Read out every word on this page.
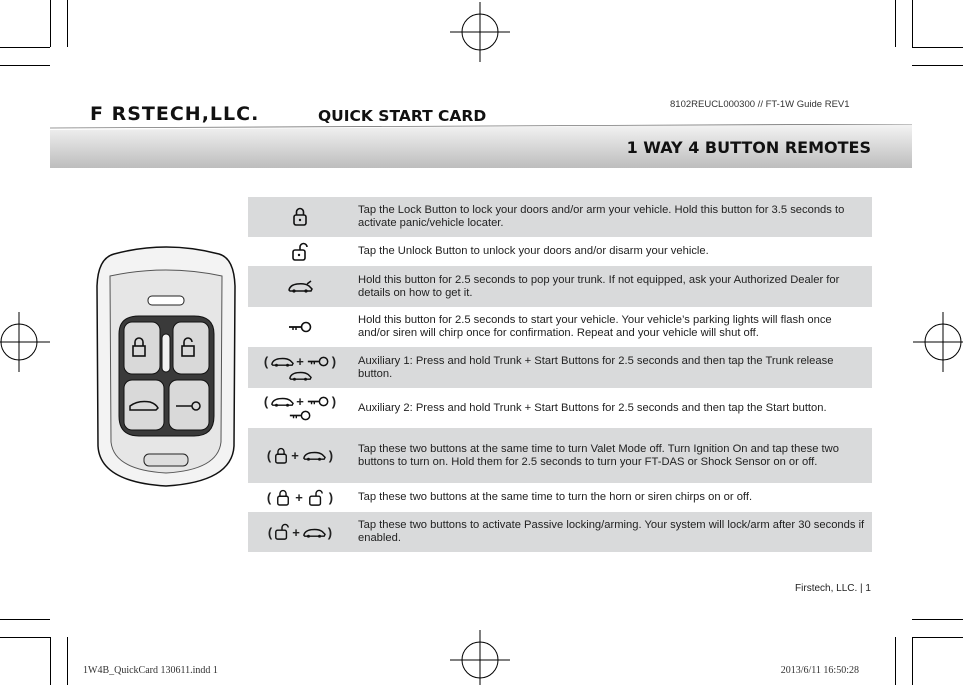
F RSTECH,LLC.	QUICK START CARD
8102REUCL000300 // FT-1W Guide REV1
1 WAY 4 BUTTON REMOTES
Tap the Lock Button to lock your doors and/or arm your vehicle. Hold this button for 3.5 seconds to activate panic/vehicle locater.
Tap the Unlock Button to unlock your doors and/or disarm your vehicle.
Hold this button for 2.5 seconds to pop your trunk. If not equipped, ask your Authorized Dealer for details on how to get it.
Hold this button for 2.5 seconds to start your vehicle. Your vehicle’s parking lights will flash once and/or siren will chirp once for confirmation. Repeat and your vehicle will shut off.
( + )	Auxiliary 1: Press and hold Trunk + Start Buttons for 2.5 seconds and then tap the Trunk release button.
( + )	Auxiliary 2: Press and hold Trunk + Start Buttons for 2.5 seconds and then tap the Start button.
( + )	Tap these two buttons at the same time to turn Valet Mode off. Turn Ignition On and tap these two buttons to turn on. Hold them for 2.5 seconds to turn your FT-DAS or Shock Sensor on or off.
( + )	Tap these two buttons at the same time to turn the horn or siren chirps on or off.
( + )	Tap these two buttons to activate Passive locking/arming. Your system will lock/arm after 30 seconds if enabled.
Firstech, LLC. | 1
1W4B_QuickCard 130611.indd 1	2013/6/11 16:50:28
